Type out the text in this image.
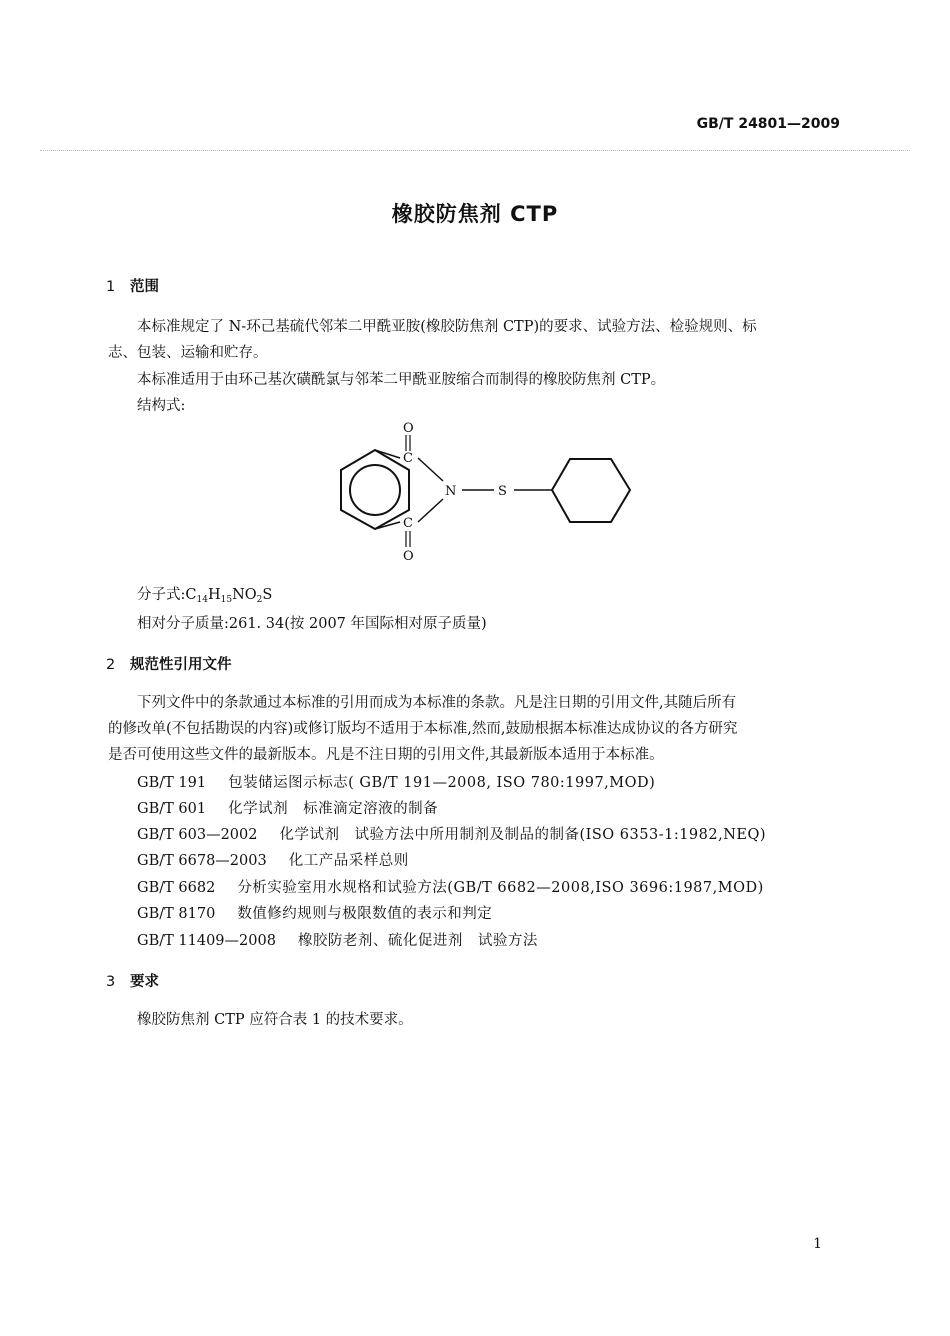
GB/T 24801—2009
橡胶防焦剂 CTP
1 范围
本标准规定了 N-环己基硫代邻苯二甲酰亚胺(橡胶防焦剂 CTP)的要求、试验方法、检验规则、标
志、包装、运输和贮存。
本标准适用于由环己基次磺酰氯与邻苯二甲酰亚胺缩合而制得的橡胶防焦剂 CTP。
结构式:
O
C
C
O
N	S
分子式$:C_{14}H_{15}NO_2S$
相对分子质量:261. 34(按 2007 年国际相对原子质量)
2 规范性引用文件
下列文件中的条款通过本标准的引用而成为本标准的条款。凡是注日期的引用文件,其随后所有
的修改单(不包括勘误的内容)或修订版均不适用于本标准,然而,鼓励根据本标准达成协议的各方研究
是否可使用这些文件的最新版本。凡是不注日期的引用文件,其最新版本适用于本标准。
GB/T 191 包装储运图示标志( GB/T 191—2008, ISO 780:1997,MOD)
GB/T 601 化学试剂　标准滴定溶液的制备
GB/T 603—2002 化学试剂　试验方法中所用制剂及制品的制备(ISO 6353-1:1982,NEQ)
GB/T 6678—2003 化工产品采样总则
GB/T 6682 分析实验室用水规格和试验方法(GB/T 6682—2008,ISO 3696:1987,MOD)
GB/T 8170 数值修约规则与极限数值的表示和判定
GB/T 11409—2008 橡胶防老剂、硫化促进剂　试验方法
3 要求
橡胶防焦剂 CTP 应符合表 1 的技术要求。
1
